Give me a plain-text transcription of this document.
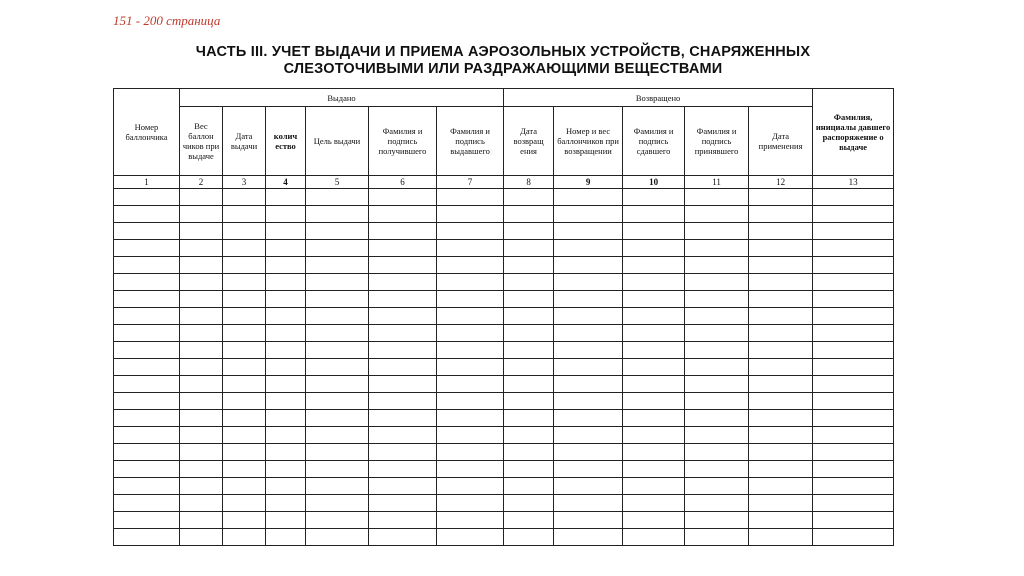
151 - 200 страница
ЧАСТЬ III. УЧЕТ ВЫДАЧИ И ПРИЕМА АЭРОЗОЛЬНЫХ УСТРОЙСТВ, СНАРЯЖЕННЫХ
СЛЕЗОТОЧИВЫМИ ИЛИ РАЗДРАЖАЮЩИМИ ВЕЩЕСТВАМИ
Номер баллончика	Выдано						Возвращено					Фамилия, инициалы давшего распоряжение о выдаче
	Вес баллон чиков при выдаче	Дата выдачи	колич ество	Цель выдачи	Фамилия и подпись получившего	Фамилия и подпись выдавшего	Дата возвращ ения	Номер и вес баллончиков при возвращении	Фамилия и подпись сдавшего	Фамилия и подпись принявшего	Дата применения	
1	2	3	4	5	6	7	8	9	10	11	12	13
